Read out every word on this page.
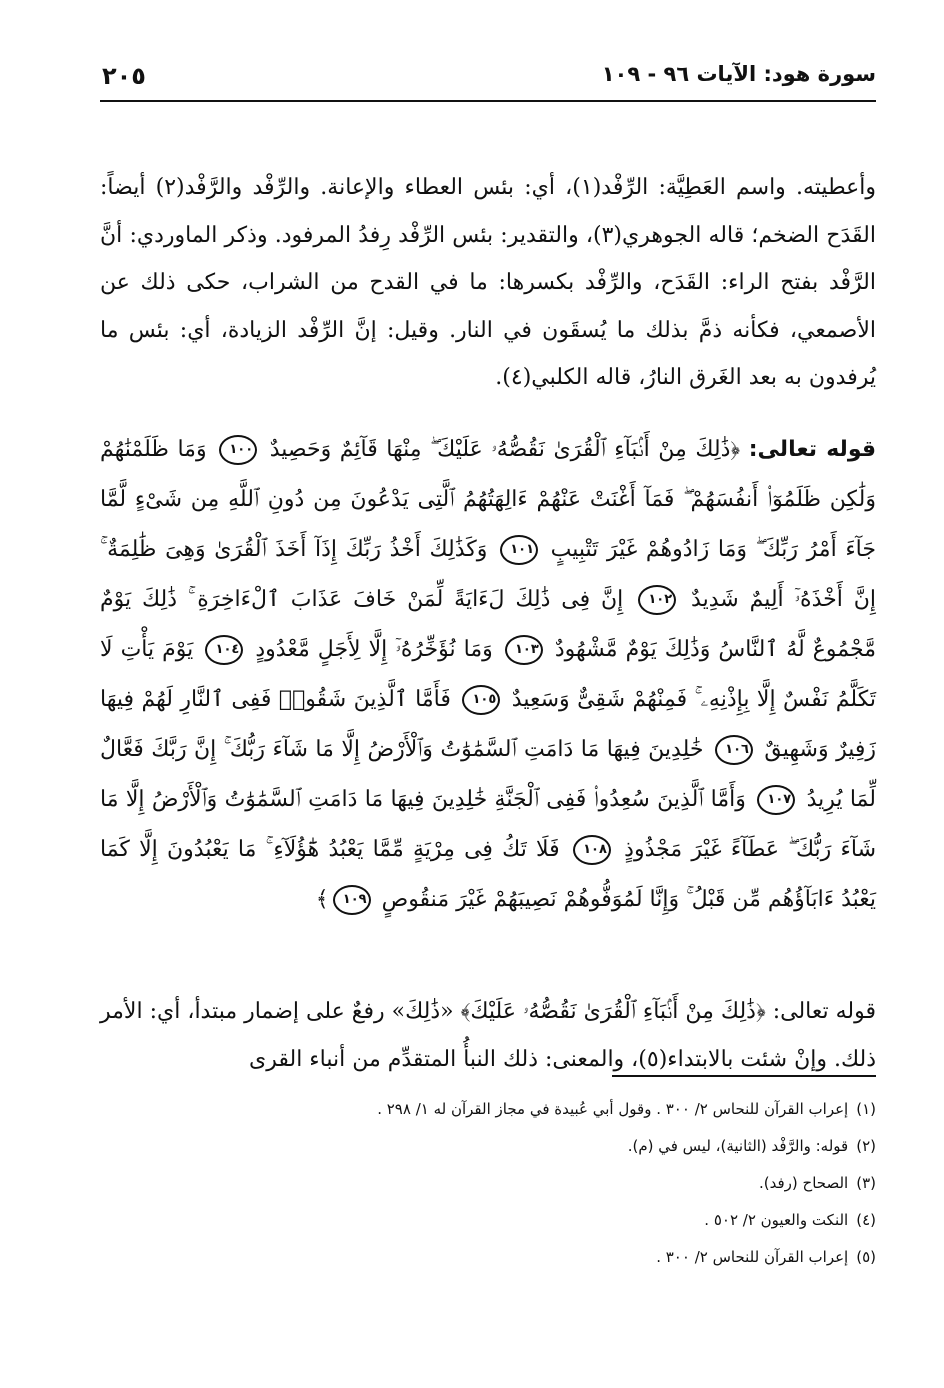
سورة هود: الآيات ٩٦ - ١٠٩
٢٠٥

وأعطيته. واسم العَطِيَّة: الرِّفْد(١)، أي: بئس العطاء والإعانة. والرِّفْد والرَّفْد(٢) أيضاً: القَدَح الضخم؛ قاله الجوهري(٣)، والتقدير: بئس الرِّفْد رِفدُ المرفود. وذكر الماوردي: أنَّ الرَّفْد بفتح الراء: القَدَح، والرِّفْد بكسرها: ما في القدح من الشراب، حكى ذلك عن الأصمعي، فكأنه ذمَّ بذلك ما يُسقَون في النار. وقيل: إنَّ الرِّفْد الزيادة، أي: بئس ما يُرفدون به بعد الغَرق النارُ، قاله الكلبي(٤).

قوله تعالى: ﴿ذَٰلِكَ مِنْ أَنۢبَآءِ ٱلْقُرَىٰ نَقُصُّهُۥ عَلَيْكَ ۖ مِنْهَا قَآئِمٌ وَحَصِيدٌ ١٠٠ وَمَا ظَلَمْنَٰهُمْ وَلَٰكِن ظَلَمُوٓا۟ أَنفُسَهُمْ ۖ فَمَآ أَغْنَتْ عَنْهُمْ ءَالِهَتُهُمُ ٱلَّتِى يَدْعُونَ مِن دُونِ ٱللَّهِ مِن شَىْءٍ لَّمَّا جَآءَ أَمْرُ رَبِّكَ ۖ وَمَا زَادُوهُمْ غَيْرَ تَتْبِيبٍ ١٠١ وَكَذَٰلِكَ أَخْذُ رَبِّكَ إِذَآ أَخَذَ ٱلْقُرَىٰ وَهِىَ ظَٰلِمَةٌ ۚ إِنَّ أَخْذَهُۥٓ أَلِيمٌ شَدِيدٌ ١٠٢ إِنَّ فِى ذَٰلِكَ لَءَايَةً لِّمَنْ خَافَ عَذَابَ ٱلْءَاخِرَةِ ۚ ذَٰلِكَ يَوْمٌ مَّجْمُوعٌ لَّهُ ٱلنَّاسُ وَذَٰلِكَ يَوْمٌ مَّشْهُودٌ ١٠٣ وَمَا نُؤَخِّرُهُۥٓ إِلَّا لِأَجَلٍ مَّعْدُودٍ ١٠٤ يَوْمَ يَأْتِ لَا تَكَلَّمُ نَفْسٌ إِلَّا بِإِذْنِهِۦ ۚ فَمِنْهُمْ شَقِىٌّ وَسَعِيدٌ ١٠٥ فَأَمَّا ٱلَّذِينَ شَقُوا۟ فَفِى ٱلنَّارِ لَهُمْ فِيهَا زَفِيرٌ وَشَهِيقٌ ١٠٦ خَٰلِدِينَ فِيهَا مَا دَامَتِ ٱلسَّمَٰوَٰتُ وَٱلْأَرْضُ إِلَّا مَا شَآءَ رَبُّكَ ۚ إِنَّ رَبَّكَ فَعَّالٌ لِّمَا يُرِيدُ ١٠٧ وَأَمَّا ٱلَّذِينَ سُعِدُوا۟ فَفِى ٱلْجَنَّةِ خَٰلِدِينَ فِيهَا مَا دَامَتِ ٱلسَّمَٰوَٰتُ وَٱلْأَرْضُ إِلَّا مَا شَآءَ رَبُّكَ ۖ عَطَآءً غَيْرَ مَجْذُوذٍ ١٠٨ فَلَا تَكُ فِى مِرْيَةٍ مِّمَّا يَعْبُدُ هَٰٓؤُلَآءِ ۚ مَا يَعْبُدُونَ إِلَّا كَمَا يَعْبُدُ ءَابَآؤُهُم مِّن قَبْلُ ۚ وَإِنَّا لَمُوَفُّوهُمْ نَصِيبَهُمْ غَيْرَ مَنقُوصٍ ١٠٩﴾

قوله تعالى: ﴿ذَٰلِكَ مِنْ أَنۢبَآءِ ٱلْقُرَىٰ نَقُصُّهُۥ عَلَيْكَ﴾ «ذَٰلِكَ» رفعٌ على إضمار مبتدأ، أي: الأمر ذلك. وإنْ شئت بالابتداء(٥)، والمعنى: ذلك النبأُ المتقدِّم من أنباء القرى

(١)إعراب القرآن للنحاس ٢/ ٣٠٠ . وقول أبي عُبيدة في مجاز القرآن له ١/ ٢٩٨ .
(٢)قوله: والرَّفْد (الثانية)، ليس في (م).
(٣)الصحاح (رفد).
(٤)النكت والعيون ٢/ ٥٠٢ .
(٥)إعراب القرآن للنحاس ٢/ ٣٠٠ .
